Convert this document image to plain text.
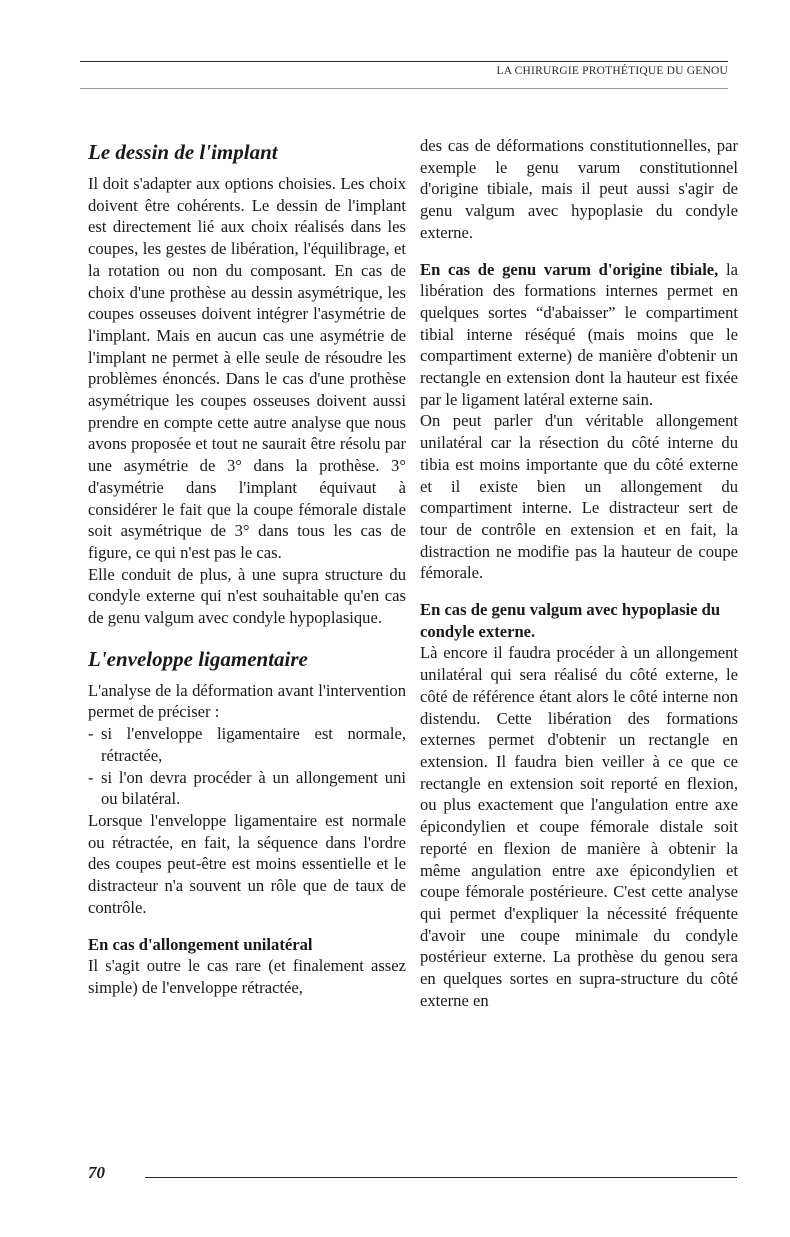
LA CHIRURGIE PROTHÉTIQUE DU GENOU
Le dessin de l'implant

Il doit s'adapter aux options choisies. Les choix doivent être cohérents. Le dessin de l'implant est directement lié aux choix réalisés dans les coupes, les gestes de libération, l'équilibrage, et la rotation ou non du composant. En cas de choix d'une prothèse au dessin asymétrique, les coupes osseuses doivent intégrer l'asymétrie de l'implant. Mais en aucun cas une asymétrie de l'implant ne permet à elle seule de résoudre les problèmes énoncés. Dans le cas d'une prothèse asymétrique les coupes osseuses doivent aussi prendre en compte cette autre analyse que nous avons proposée et tout ne saurait être résolu par une asymétrie de 3° dans la prothèse. 3° d'asymétrie dans l'implant équivaut à considérer le fait que la coupe fémorale distale soit asymétrique de 3° dans tous les cas de figure, ce qui n'est pas le cas.

Elle conduit de plus, à une supra structure du condyle externe qui n'est souhaitable qu'en cas de genu valgum avec condyle hypoplasique.

L'enveloppe ligamentaire

L'analyse de la déformation avant l'intervention permet de préciser :

- si l'enveloppe ligamentaire est normale, rétractée,
- si l'on devra procéder à un allongement uni ou bilatéral.

Lorsque l'enveloppe ligamentaire est normale ou rétractée, en fait, la séquence dans l'ordre des coupes peut-être est moins essentielle et le distracteur n'a souvent un rôle que de taux de contrôle.

En cas d'allongement unilatéral

Il s'agit outre le cas rare (et finalement assez simple) de l'enveloppe rétractée,

des cas de déformations constitutionnelles, par exemple le genu varum constitutionnel d'origine tibiale, mais il peut aussi s'agir de genu valgum avec hypoplasie du condyle externe.

En cas de genu varum d'origine tibiale, la libération des formations internes permet en quelques sortes “d'abaisser” le compartiment tibial interne réséqué (mais moins que le compartiment externe) de manière d'obtenir un rectangle en extension dont la hauteur est fixée par le ligament latéral externe sain.

On peut parler d'un véritable allongement unilatéral car la résection du côté interne du tibia est moins importante que du côté externe et il existe bien un allongement du compartiment interne. Le distracteur sert de tour de contrôle en extension et en fait, la distraction ne modifie pas la hauteur de coupe fémorale.

En cas de genu valgum avec hypoplasie du condyle externe.

Là encore il faudra procéder à un allongement unilatéral qui sera réalisé du côté externe, le côté de référence étant alors le côté interne non distendu. Cette libération des formations externes permet d'obtenir un rectangle en extension. Il faudra bien veiller à ce que ce rectangle en extension soit reporté en flexion, ou plus exactement que l'angulation entre axe épicondylien et coupe fémorale distale soit reporté en flexion de manière à obtenir la même angulation entre axe épicondylien et coupe fémorale postérieure. C'est cette analyse qui permet d'expliquer la nécessité fréquente d'avoir une coupe minimale du condyle postérieur externe. La prothèse du genou sera en quelques sortes en supra-structure du côté externe en

70
